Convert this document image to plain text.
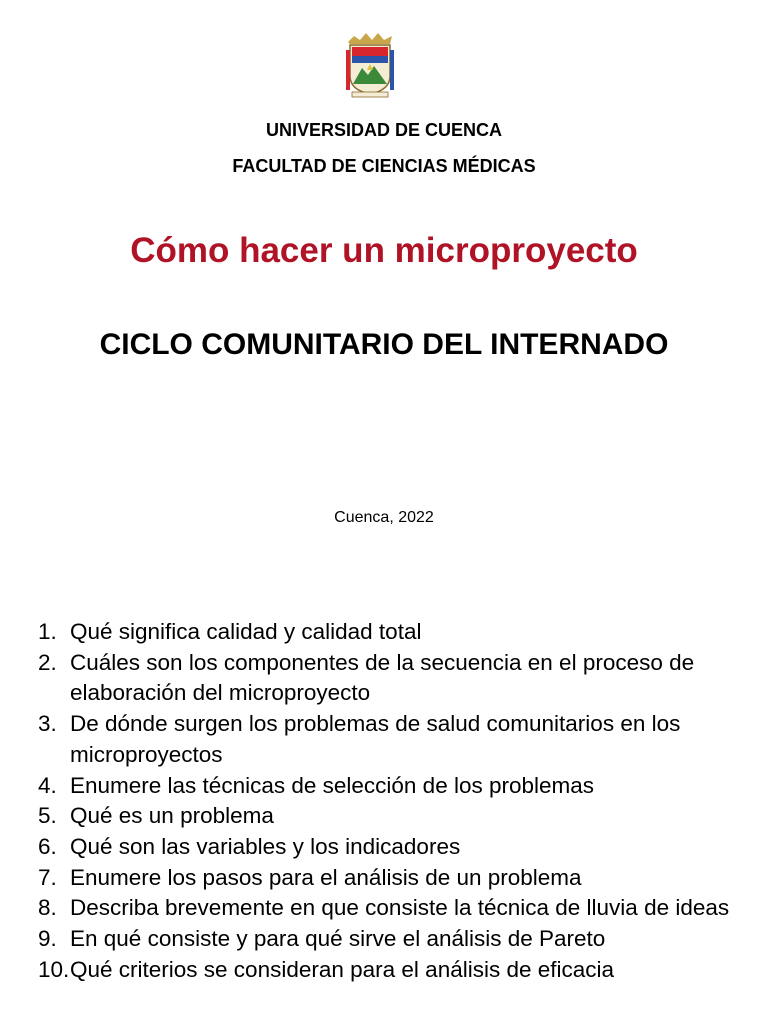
UNIVERSIDAD DE CUENCA
FACULTAD DE CIENCIAS MÉDICAS
Cómo hacer un microproyecto
CICLO COMUNITARIO DEL INTERNADO
Cuenca, 2022
1. Qué significa calidad y calidad total
2. Cuáles son los componentes de la secuencia en el proceso de elaboración del microproyecto
3. De dónde surgen los problemas de salud comunitarios en los microproyectos
4. Enumere las técnicas de selección de los problemas
5. Qué es un problema
6. Qué son las variables y los indicadores
7. Enumere los pasos para el análisis de un problema
8. Describa brevemente en que consiste la técnica de lluvia de ideas
9. En qué consiste y para qué sirve el análisis de Pareto
10. Qué criterios se consideran para el análisis de eficacia
